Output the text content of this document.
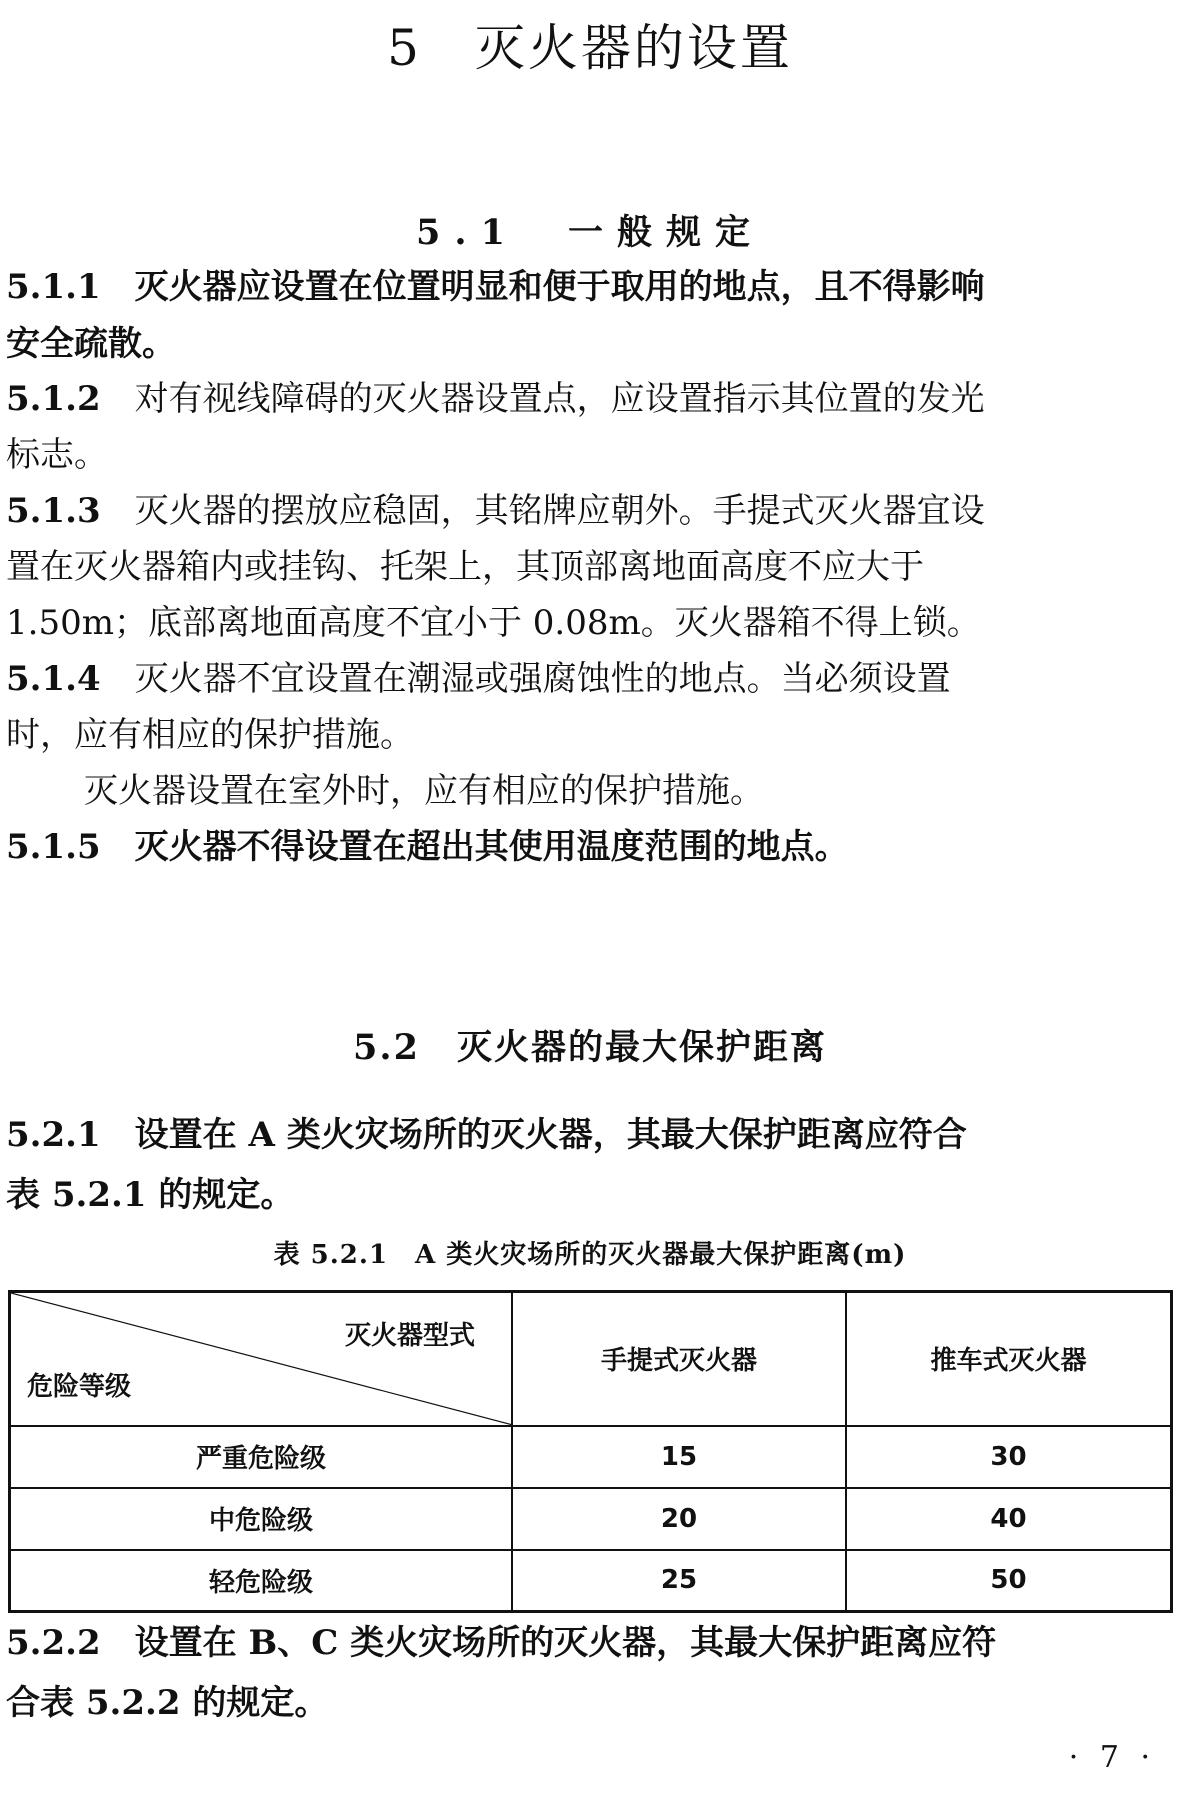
5　灭火器的设置
5.1　一般规定
5.1.1 灭火器应设置在位置明显和便于取用的地点，且不得影响
安全疏散。
5.1.2 对有视线障碍的灭火器设置点，应设置指示其位置的发光
标志。
5.1.3 灭火器的摆放应稳固，其铭牌应朝外。手提式灭火器宜设
置在灭火器箱内或挂钩、托架上，其顶部离地面高度不应大于
1.50m；底部离地面高度不宜小于 0.08m。灭火器箱不得上锁。
5.1.4 灭火器不宜设置在潮湿或强腐蚀性的地点。当必须设置
时，应有相应的保护措施。
灭火器设置在室外时，应有相应的保护措施。
5.1.5 灭火器不得设置在超出其使用温度范围的地点。
5.2　灭火器的最大保护距离
5.2.1 设置在 A 类火灾场所的灭火器，其最大保护距离应符合
表 5.2.1 的规定。
表 5.2.1　A 类火灾场所的灭火器最大保护距离(m)
灭火器型式
危险等级	手提式灭火器	推车式灭火器
严重危险级	15	30
中危险级	20	40
轻危险级	25	50
5.2.2 设置在 B、C 类火灾场所的灭火器，其最大保护距离应符
合表 5.2.2 的规定。
· 7 ·
